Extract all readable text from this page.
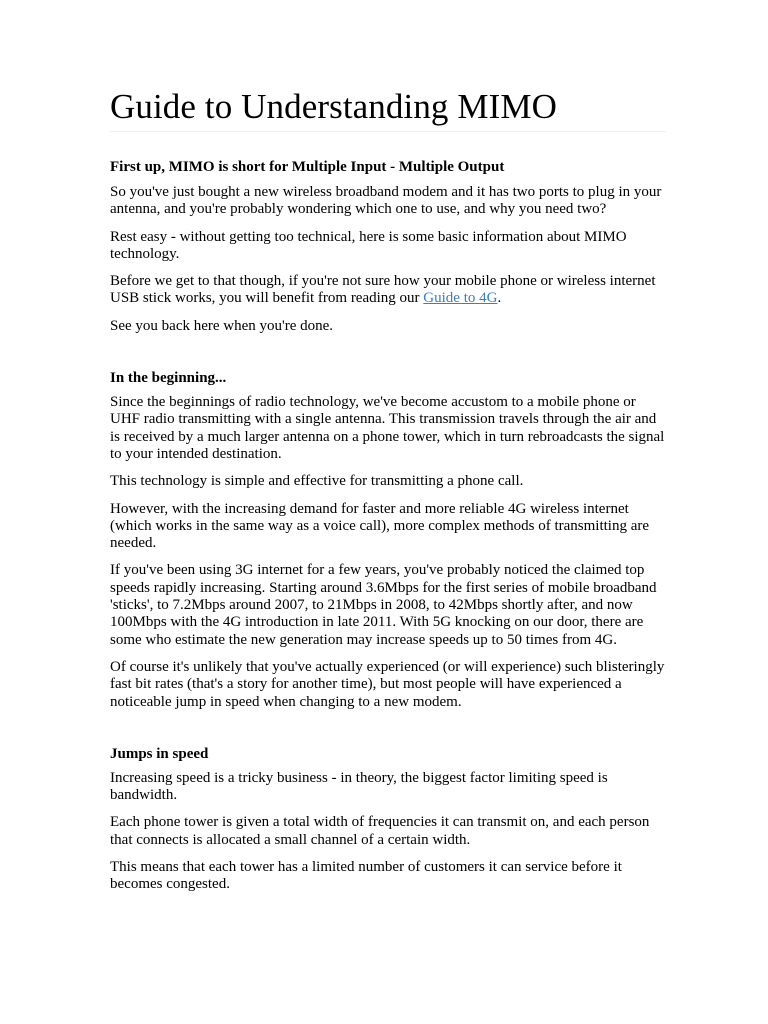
Guide to Understanding MIMO

First up, MIMO is short for Multiple Input - Multiple Output

So you've just bought a new wireless broadband modem and it has two ports to plug in your antenna, and you're probably wondering which one to use, and why you need two?

Rest easy - without getting too technical, here is some basic information about MIMO technology.

Before we get to that though, if you're not sure how your mobile phone or wireless internet USB stick works, you will benefit from reading our Guide to 4G.

See you back here when you're done.

In the beginning...

Since the beginnings of radio technology, we've become accustom to a mobile phone or UHF radio transmitting with a single antenna. This transmission travels through the air and is received by a much larger antenna on a phone tower, which in turn rebroadcasts the signal to your intended destination.

This technology is simple and effective for transmitting a phone call.

However, with the increasing demand for faster and more reliable 4G wireless internet (which works in the same way as a voice call), more complex methods of transmitting are needed.

If you've been using 3G internet for a few years, you've probably noticed the claimed top speeds rapidly increasing. Starting around 3.6Mbps for the first series of mobile broadband 'sticks', to 7.2Mbps around 2007, to 21Mbps in 2008, to 42Mbps shortly after, and now 100Mbps with the 4G introduction in late 2011. With 5G knocking on our door, there are some who estimate the new generation may increase speeds up to 50 times from 4G.

Of course it's unlikely that you've actually experienced (or will experience) such blisteringly fast bit rates (that's a story for another time), but most people will have experienced a noticeable jump in speed when changing to a new modem.

Jumps in speed

Increasing speed is a tricky business - in theory, the biggest factor limiting speed is bandwidth.

Each phone tower is given a total width of frequencies it can transmit on, and each person that connects is allocated a small channel of a certain width.

This means that each tower has a limited number of customers it can service before it becomes congested.
